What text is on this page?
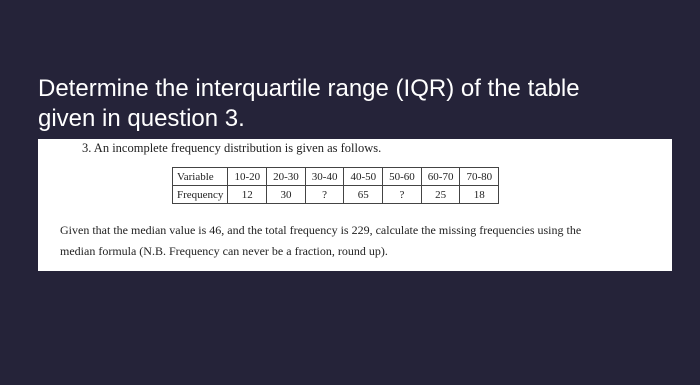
Determine the interquartile range (IQR) of the table
given in question 3.

3. An incomplete frequency distribution is given as follows.

Variable	10-20	20-30	30-40	40-50	50-60	60-70	70-80
Frequency	12	30	?	65	?	25	18

Given that the median value is 46, and the total frequency is 229, calculate the missing frequencies using the
median formula (N.B. Frequency can never be a fraction, round up).
